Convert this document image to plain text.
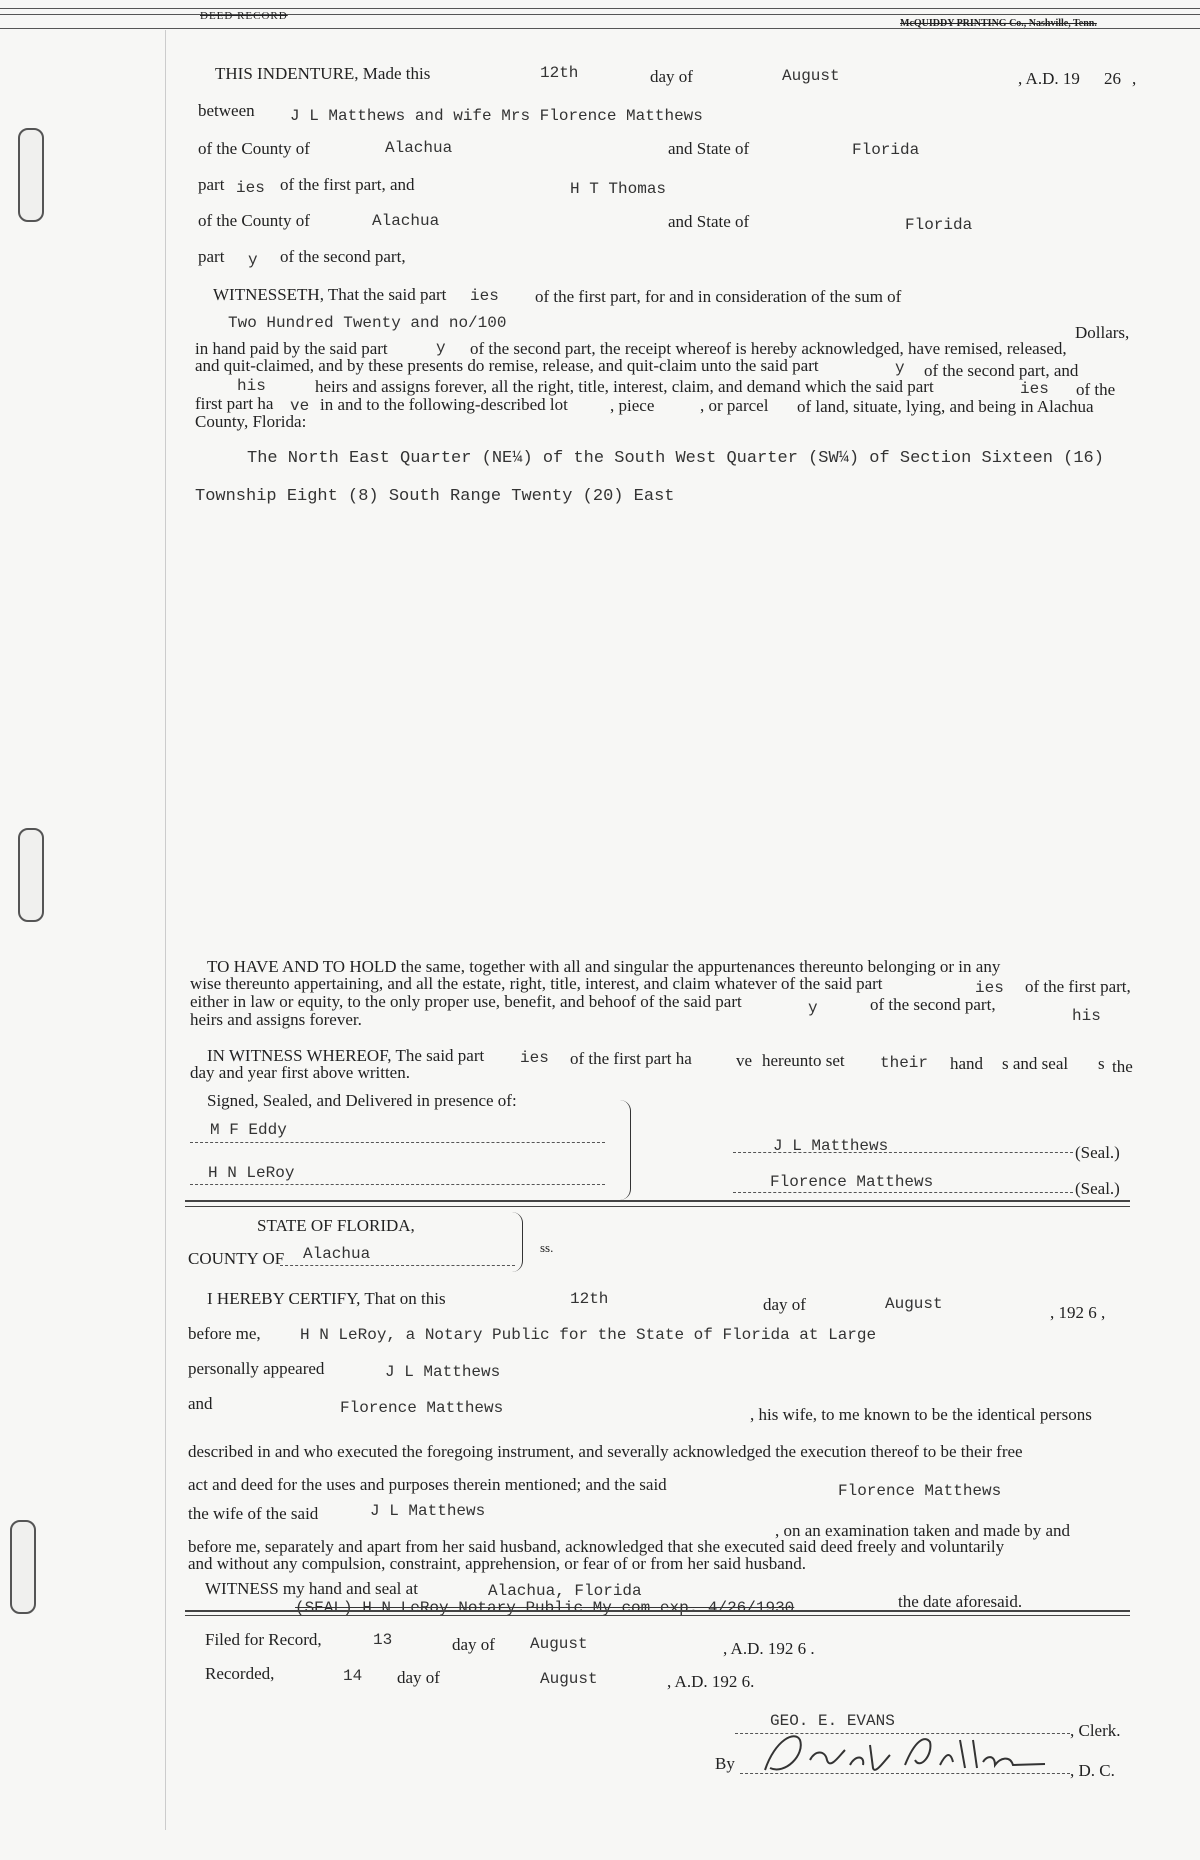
DEED RECORD
McQUIDDY PRINTING Co., Nashville, Tenn.
THIS INDENTURE, Made this	12th	day of	August	, A.D. 19 26 ,
between J L Matthews and wife Mrs Florence Matthews
of the County of	Alachua	and State of	Florida
part ies of the first part, and	H T Thomas
of the County of	Alachua	and State of	Florida
part y of the second part,
WITNESSETH, That the said part ies of the first part, for and in consideration of the sum of
Two Hundred Twenty and no/100	Dollars,
in hand paid by the said part	y of the second part, the receipt whereof is hereby acknowledged, have remised, released,
and quit-claimed, and by these presents do remise, release, and quit-claim unto the said part	y of the second part, and
his	heirs and assigns forever, all the right, title, interest, claim, and demand which the said part	ies of the
first part ha ve in and to the following-described lot , piece	, or parcel of land, situate, lying, and being in Alachua
County, Florida:
The North East Quarter (NE¼) of the South West Quarter (SW¼) of Section Sixteen (16)
Township Eight (8) South Range Twenty (20) East
TO HAVE AND TO HOLD the same, together with all and singular the appurtenances thereunto belonging or in any
wise thereunto appertaining, and all the estate, right, title, interest, and claim whatever of the said part	ies of the first part,
either in law or equity, to the only proper use, benefit, and behoof of the said part	y	of the second part,
his
heirs and assigns forever.
IN WITNESS WHEREOF, The said part ies of the first part ha	ve hereunto set their hand s and seal s the
day and year first above written.
Signed, Sealed, and Delivered in presence of:
M F Eddy
H N LeRoy
J L Matthews	(Seal.)
Florence Matthews	(Seal.)
STATE OF FLORIDA,
COUNTY OF Alachua	ss.
I HEREBY CERTIFY, That on this	12th	day of	August	, 192 6 ,
before me, H N LeRoy, a Notary Public for the State of Florida at Large
personally appeared	J L Matthews
and	Florence Matthews	, his wife, to me known to be the identical persons
described in and who executed the foregoing instrument, and severally acknowledged the execution thereof to be their free
act and deed for the uses and purposes therein mentioned; and the said	Florence Matthews
the wife of the said	J L Matthews
, on an examination taken and made by and
before me, separately and apart from her said husband, acknowledged that she executed said deed freely and voluntarily
and without any compulsion, constraint, apprehension, or fear of or from her said husband.
WITNESS my hand and seal at	Alachua, Florida
the date aforesaid.
(SEAL) H N LeRoy Notary Public My com exp. 4/26/1930
Filed for Record,	13	day of August	, A.D. 192 6 .
Recorded,	14 day of	August	, A.D. 192 6.
GEO. E. EVANS	, Clerk.
By	, D. C.
